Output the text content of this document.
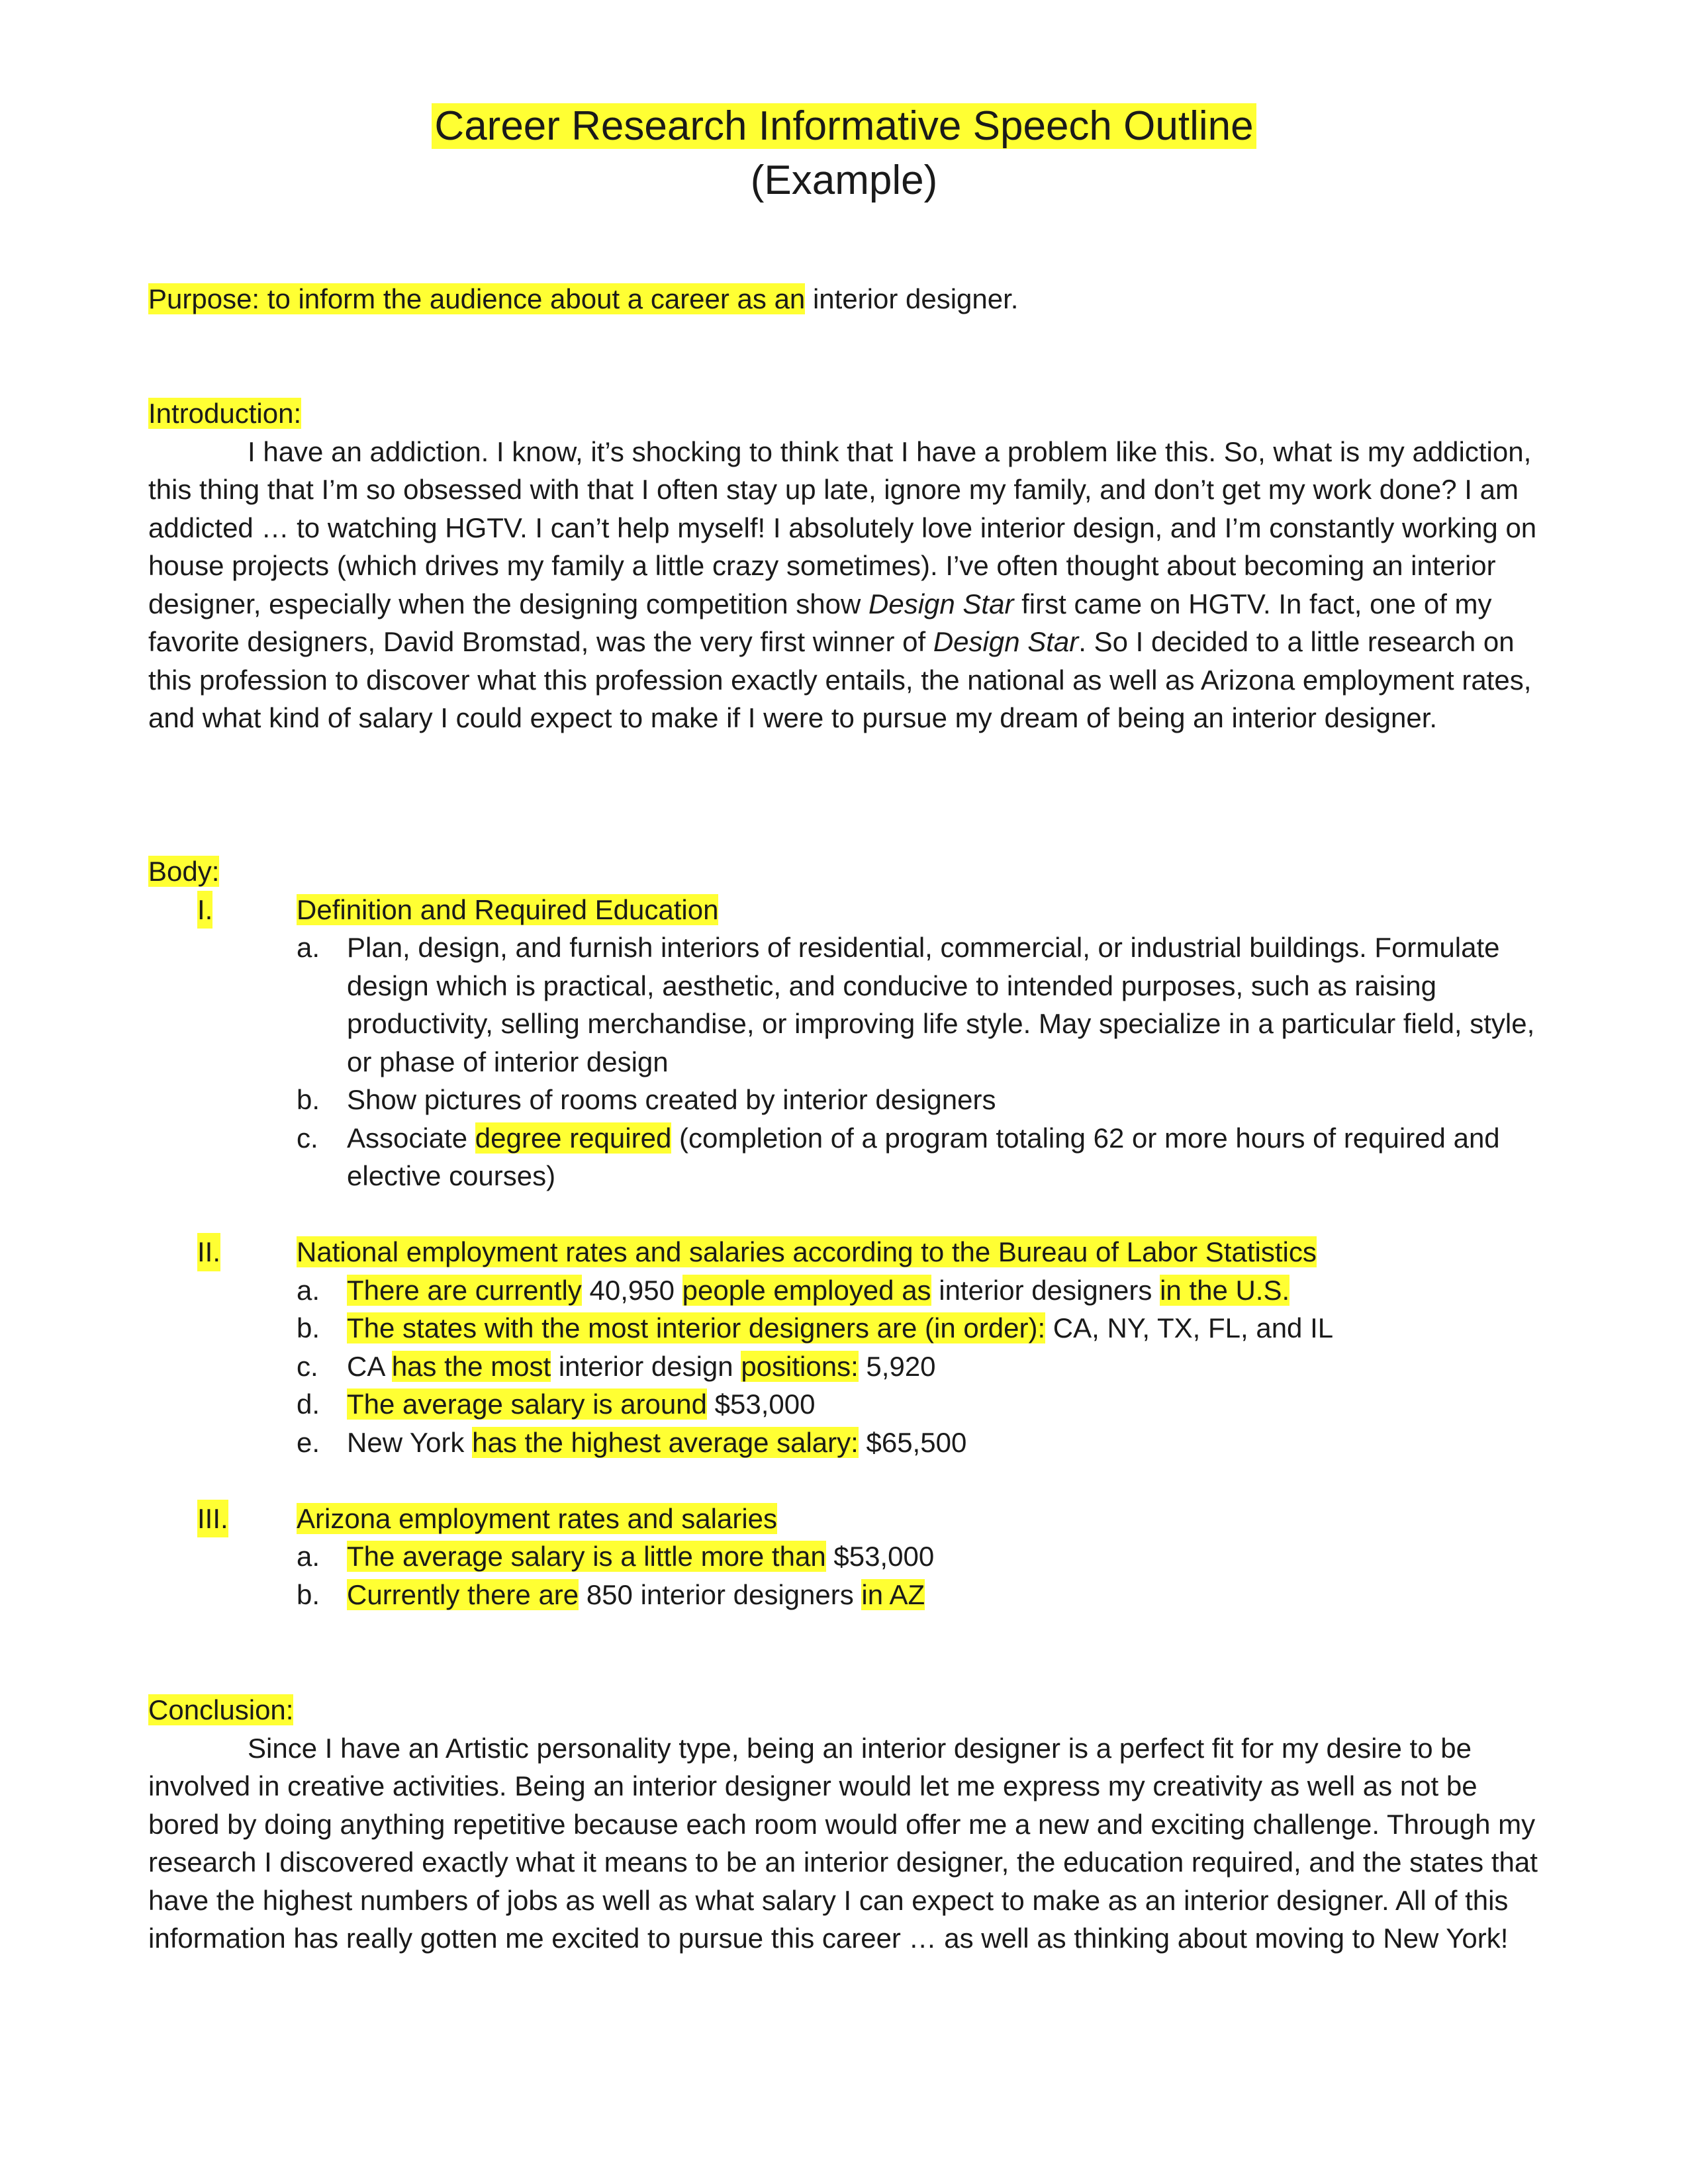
Career Research Informative Speech Outline
(Example)
Purpose: to inform the audience about a career as an interior designer.
Introduction:

I have an addiction. I know, it’s shocking to think that I have a problem like this. So, what is my addiction, this thing that I’m so obsessed with that I often stay up late, ignore my family, and don’t get my work done? I am addicted … to watching HGTV. I can’t help myself! I absolutely love interior design, and I’m constantly working on house projects (which drives my family a little crazy sometimes). I’ve often thought about becoming an interior designer, especially when the designing competition show Design Star first came on HGTV. In fact, one of my favorite designers, David Bromstad, was the very first winner of Design Star. So I decided to a little research on this profession to discover what this profession exactly entails, the national as well as Arizona employment rates, and what kind of salary I could expect to make if I were to pursue my dream of being an interior designer.

Body:
I.	Definition and Required Education
a. Plan, design, and furnish interiors of residential, commercial, or industrial buildings. Formulate design which is practical, aesthetic, and conducive to intended purposes, such as raising productivity, selling merchandise, or improving life style. May specialize in a particular field, style, or phase of interior design
b. Show pictures of rooms created by interior designers
c. Associate degree required (completion of a program totaling 62 or more hours of required and elective courses)
II.	National employment rates and salaries according to the Bureau of Labor Statistics
a. There are currently 40,950 people employed as interior designers in the U.S.
b. The states with the most interior designers are (in order): CA, NY, TX, FL, and IL
c. CA has the most interior design positions: 5,920
d. The average salary is around $53,000
e. New York has the highest average salary: $65,500
III. Arizona employment rates and salaries
a. The average salary is a little more than $53,000
b. Currently there are 850 interior designers in AZ
Conclusion:

Since I have an Artistic personality type, being an interior designer is a perfect fit for my desire to be involved in creative activities. Being an interior designer would let me express my creativity as well as not be bored by doing anything repetitive because each room would offer me a new and exciting challenge. Through my research I discovered exactly what it means to be an interior designer, the education required, and the states that have the highest numbers of jobs as well as what salary I can expect to make as an interior designer. All of this information has really gotten me excited to pursue this career … as well as thinking about moving to New York!
